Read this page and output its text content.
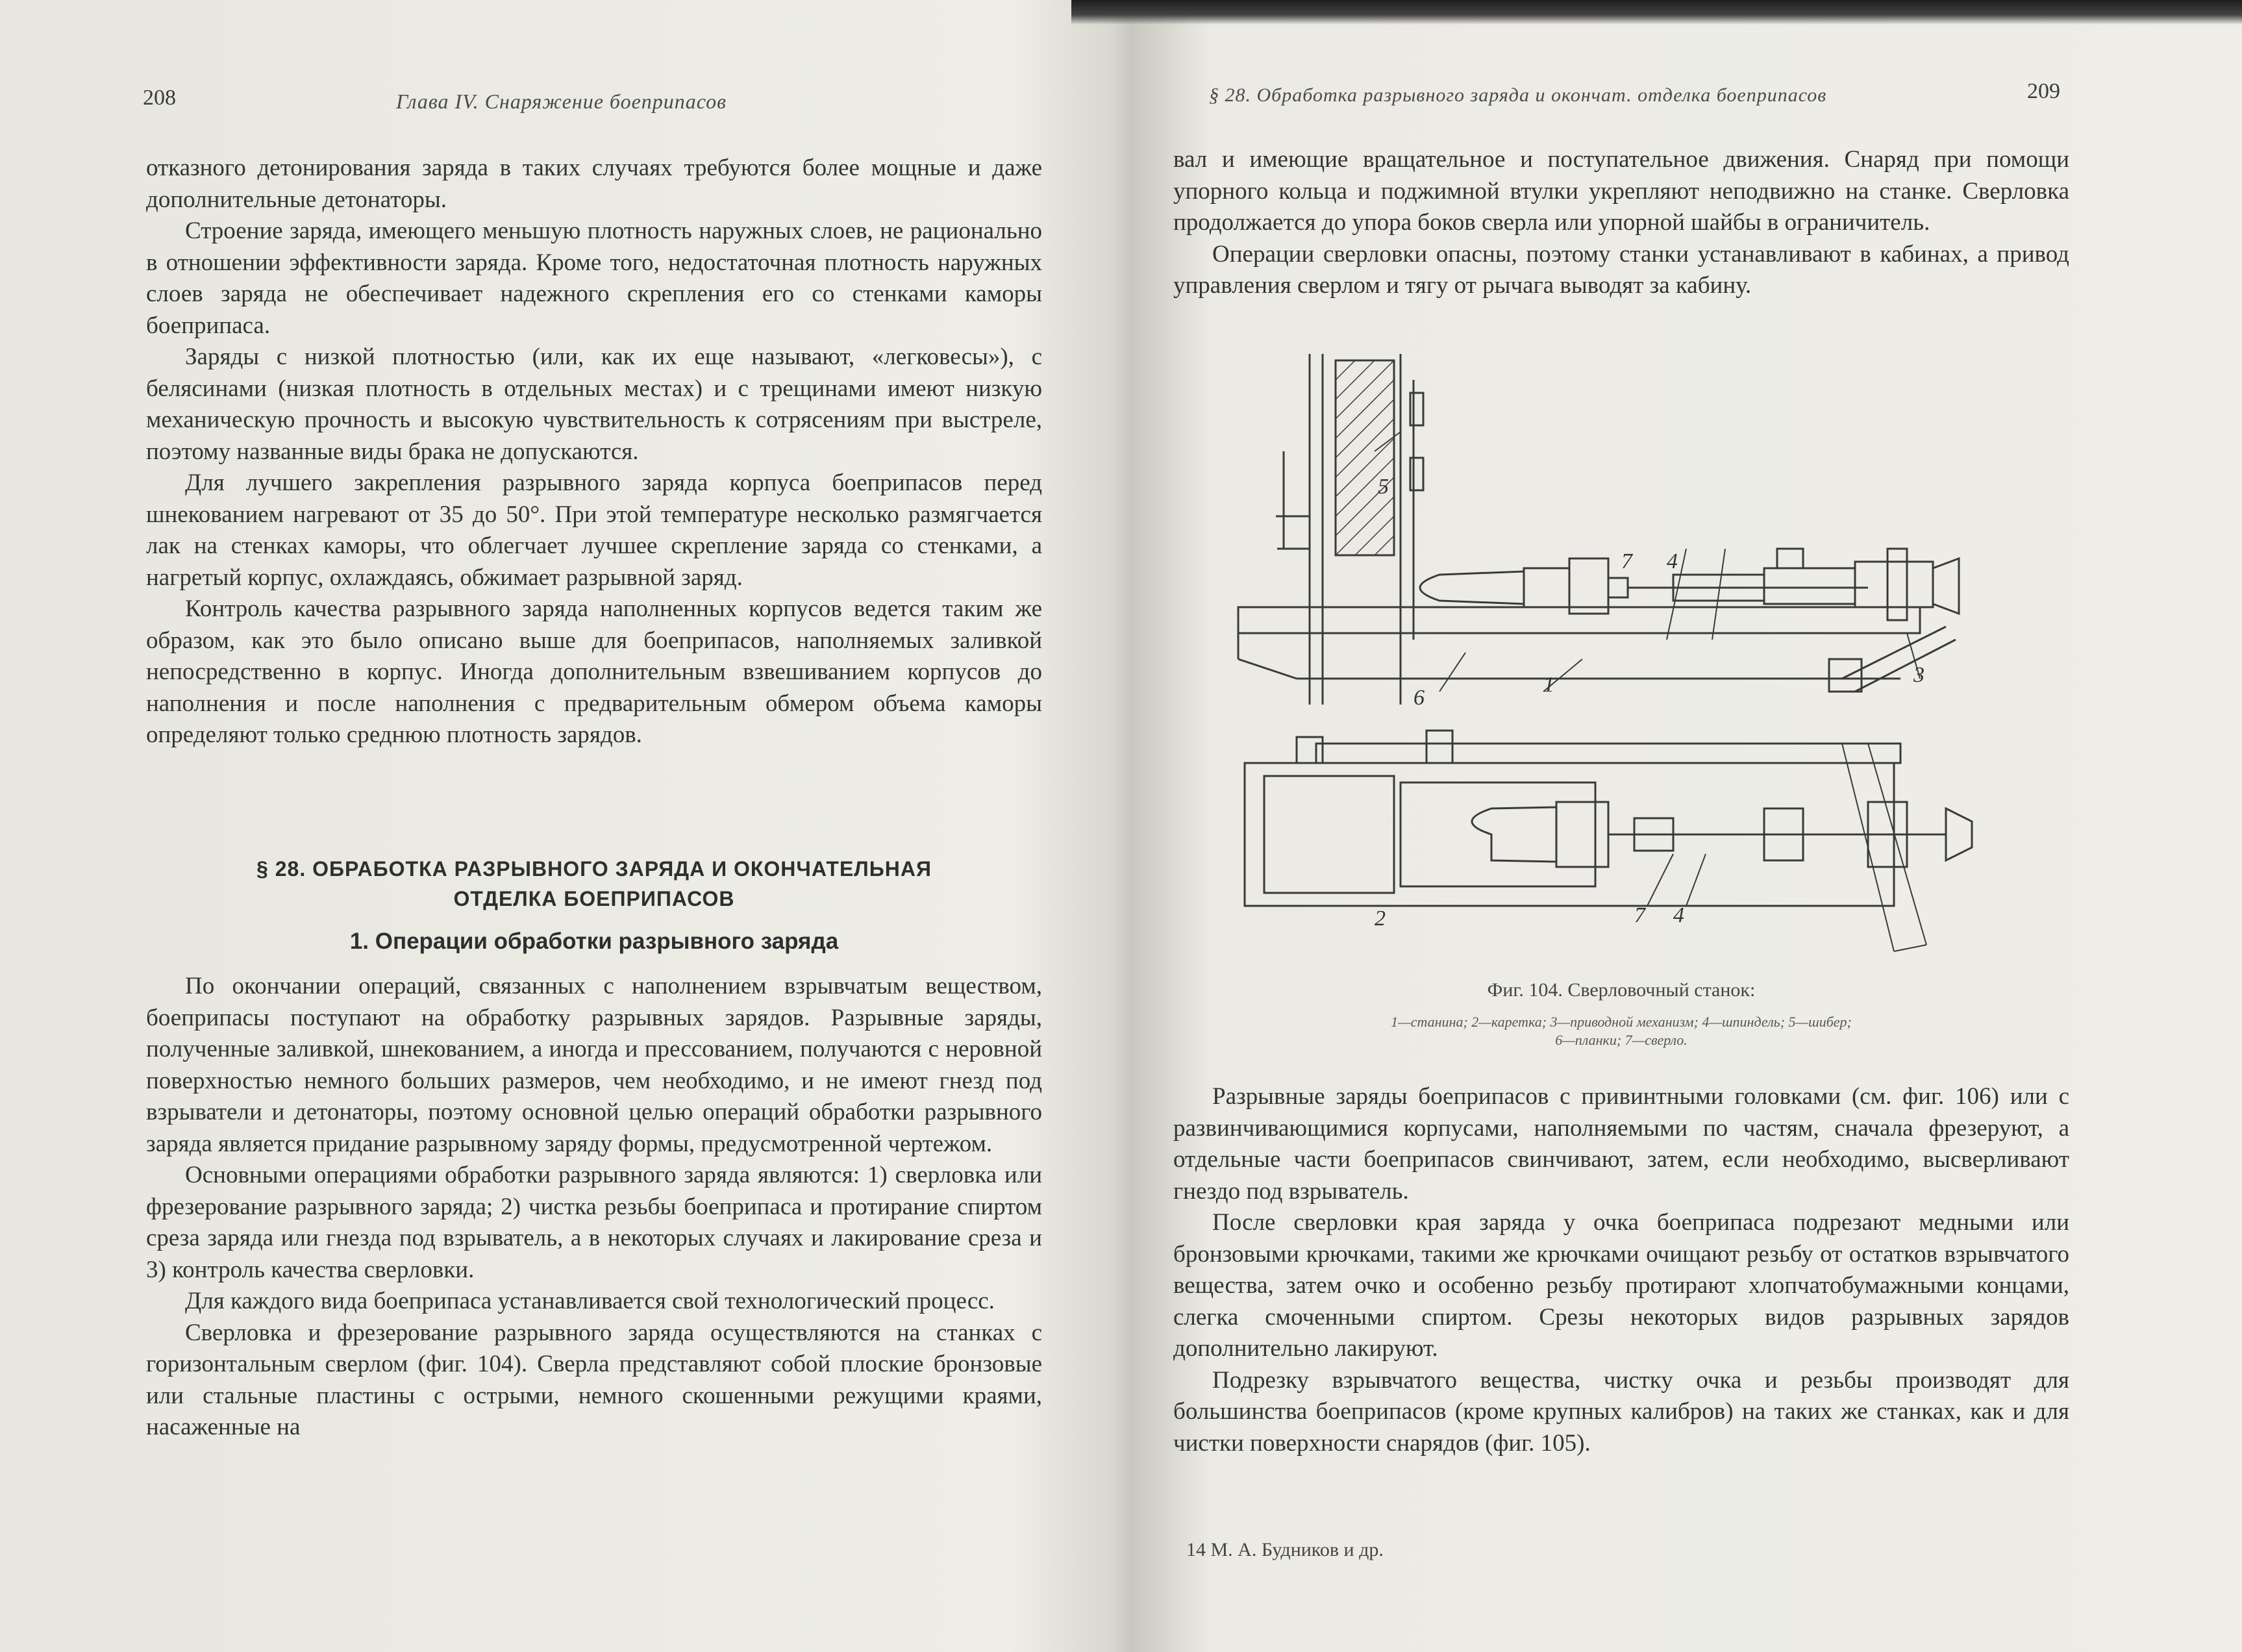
208	Глава IV. Снаряжение боеприпасов

отказного детонирования заряда в таких случаях требуются более мощные и даже дополнительные детонаторы.

Строение заряда, имеющего меньшую плотность наружных слоев, не рационально в отношении эффективности заряда. Кроме того, недостаточная плотность наружных слоев заряда не обеспечивает надежного скрепления его со стенками каморы боеприпаса.

Заряды с низкой плотностью (или, как их еще называют, «легковесы»), с белясинами (низкая плотность в отдельных местах) и с трещинами имеют низкую механическую прочность и высокую чувствительность к сотрясениям при выстреле, поэтому названные виды брака не допускаются.

Для лучшего закрепления разрывного заряда корпуса боеприпасов перед шнекованием нагревают от 35 до 50°. При этой температуре несколько размягчается лак на стенках каморы, что облегчает лучшее скрепление заряда со стенками, а нагретый корпус, охлаждаясь, обжимает разрывной заряд.

Контроль качества разрывного заряда наполненных корпусов ведется таким же образом, как это было описано выше для боеприпасов, наполняемых заливкой непосредственно в корпус. Иногда дополнительным взвешиванием корпусов до наполнения и после наполнения с предварительным обмером объема каморы определяют только среднюю плотность зарядов.

§ 28. ОБРАБОТКА РАЗРЫВНОГО ЗАРЯДА И ОКОНЧАТЕЛЬНАЯ
ОТДЕЛКА БОЕПРИПАСОВ
1. Операции обработки разрывного заряда

По окончании операций, связанных с наполнением взрывчатым веществом, боеприпасы поступают на обработку разрывных зарядов. Разрывные заряды, полученные заливкой, шнекованием, а иногда и прессованием, получаются с неровной поверхностью немного больших размеров, чем необходимо, и не имеют гнезд под взрыватели и детонаторы, поэтому основной целью операций обработки разрывного заряда является придание разрывному заряду формы, предусмотренной чертежом.

Основными операциями обработки разрывного заряда являются: 1) сверловка или фрезерование разрывного заряда; 2) чистка резьбы боеприпаса и протирание спиртом среза заряда или гнезда под взрыватель, а в некоторых случаях и лакирование среза и 3) контроль качества сверловки.

Для каждого вида боеприпаса устанавливается свой технологический процесс.

Сверловка и фрезерование разрывного заряда осуществляются на станках с горизонтальным сверлом (фиг. 104). Сверла представляют собой плоские бронзовые или стальные пластины с острыми, немного скошенными режущими краями, насаженные на

§ 28. Обработка разрывного заряда и окончат. отделка боеприпасов	209

вал и имеющие вращательное и поступательное движения. Снаряд при помощи упорного кольца и поджимной втулки укрепляют неподвижно на станке. Сверловка продолжается до упора боков сверла или упорной шайбы в ограничитель.

Операции сверловки опасны, поэтому станки устанавливают в кабинах, а привод управления сверлом и тягу от рычага выводят за кабину.

5
7 4
6
1	3
2	7 4
Фиг. 104. Сверловочный станок:
1—станина; 2—каретка; 3—приводной механизм; 4—шпиндель; 5—шибер;
6—планки; 7—сверло.

Разрывные заряды боеприпасов с привинтными головками (см. фиг. 106) или с развинчивающимися корпусами, наполняемыми по частям, сначала фрезеруют, а отдельные части боеприпасов свинчивают, затем, если необходимо, высверливают гнездо под взрыватель.

После сверловки края заряда у очка боеприпаса подрезают медными или бронзовыми крючками, такими же крючками очищают резьбу от остатков взрывчатого вещества, затем очко и особенно резьбу протирают хлопчатобумажными концами, слегка смоченными спиртом. Срезы некоторых видов разрывных зарядов дополнительно лакируют.

Подрезку взрывчатого вещества, чистку очка и резьбы производят для большинства боеприпасов (кроме крупных калибров) на таких же станках, как и для чистки поверхности снарядов (фиг. 105).

14 М. А. Будников и др.
